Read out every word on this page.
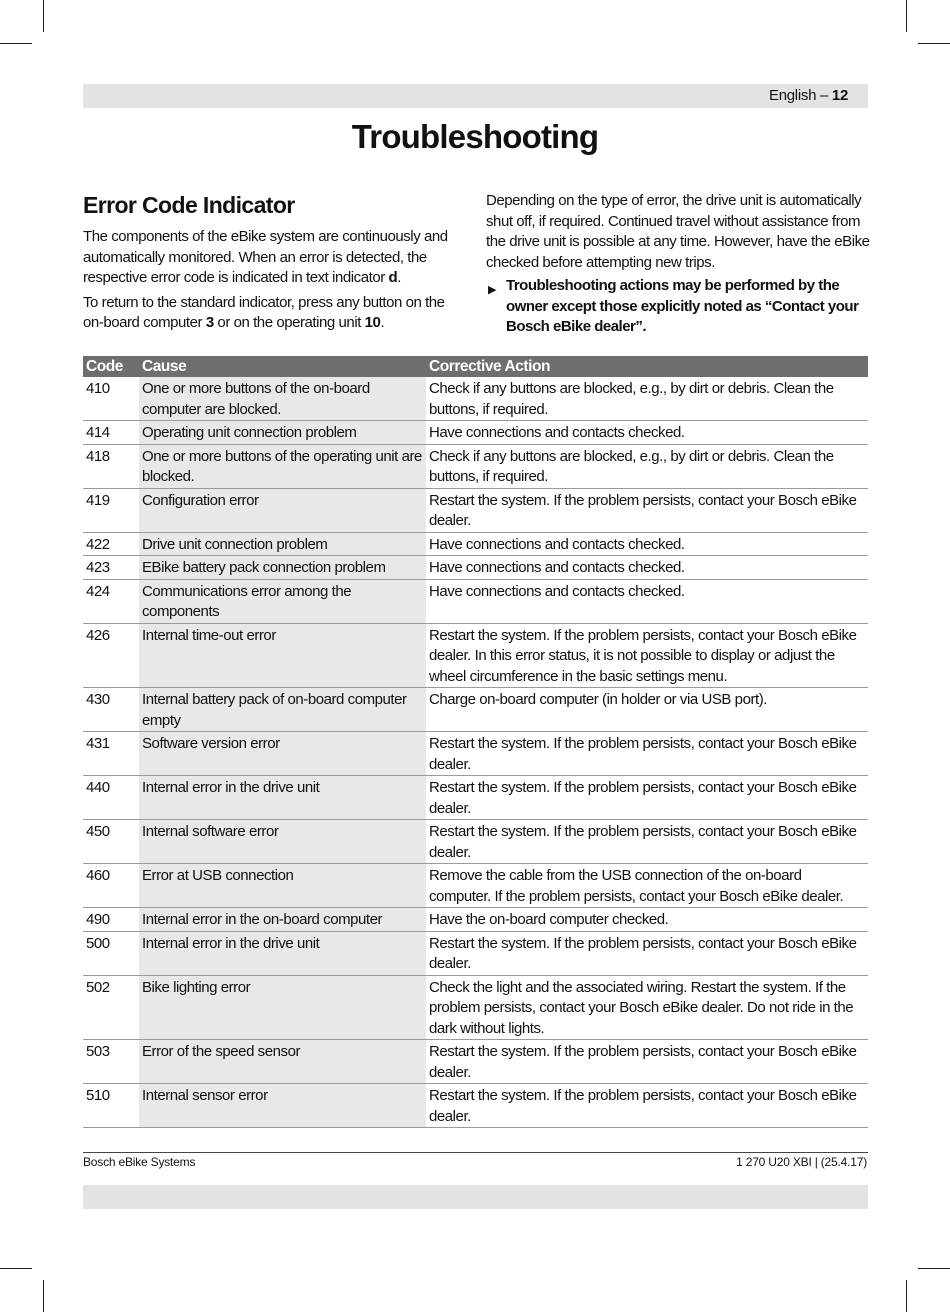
English – 12
Troubleshooting
Error Code Indicator

The components of the eBike system are continuously and automatically monitored. When an error is detected, the respective error code is indicated in text indicator d.

To return to the standard indicator, press any button on the on-board computer 3 or on the operating unit 10.

Depending on the type of error, the drive unit is automatically shut off, if required. Continued travel without assistance from the drive unit is possible at any time. However, have the eBike checked before attempting new trips.

▶ Troubleshooting actions may be performed by the owner except those explicitly noted as “Contact your Bosch eBike dealer”.
Code	Cause	Corrective Action
410	One or more buttons of the on-board computer are blocked.	Check if any buttons are blocked, e.g., by dirt or debris. Clean the buttons, if required.
414	Operating unit connection problem	Have connections and contacts checked.
418	One or more buttons of the operating unit are blocked.	Check if any buttons are blocked, e.g., by dirt or debris. Clean the buttons, if required.
419	Configuration error	Restart the system. If the problem persists, contact your Bosch eBike dealer.
422	Drive unit connection problem	Have connections and contacts checked.
423	EBike battery pack connection problem	Have connections and contacts checked.
424	Communications error among the components	Have connections and contacts checked.
426	Internal time-out error	Restart the system. If the problem persists, contact your Bosch eBike dealer. In this error status, it is not possible to display or adjust the wheel circumference in the basic settings menu.
430	Internal battery pack of on-board computer empty	Charge on-board computer (in holder or via USB port).
431	Software version error	Restart the system. If the problem persists, contact your Bosch eBike dealer.
440	Internal error in the drive unit	Restart the system. If the problem persists, contact your Bosch eBike dealer.
450	Internal software error	Restart the system. If the problem persists, contact your Bosch eBike dealer.
460	Error at USB connection	Remove the cable from the USB connection of the on-board computer. If the problem persists, contact your Bosch eBike dealer.
490	Internal error in the on-board computer	Have the on-board computer checked.
500	Internal error in the drive unit	Restart the system. If the problem persists, contact your Bosch eBike dealer.
502	Bike lighting error	Check the light and the associated wiring. Restart the system. If the problem persists, contact your Bosch eBike dealer. Do not ride in the dark without lights.
503	Error of the speed sensor	Restart the system. If the problem persists, contact your Bosch eBike dealer.
510	Internal sensor error	Restart the system. If the problem persists, contact your Bosch eBike dealer.
Bosch eBike Systems	1 270 U20 XBI | (25.4.17)
